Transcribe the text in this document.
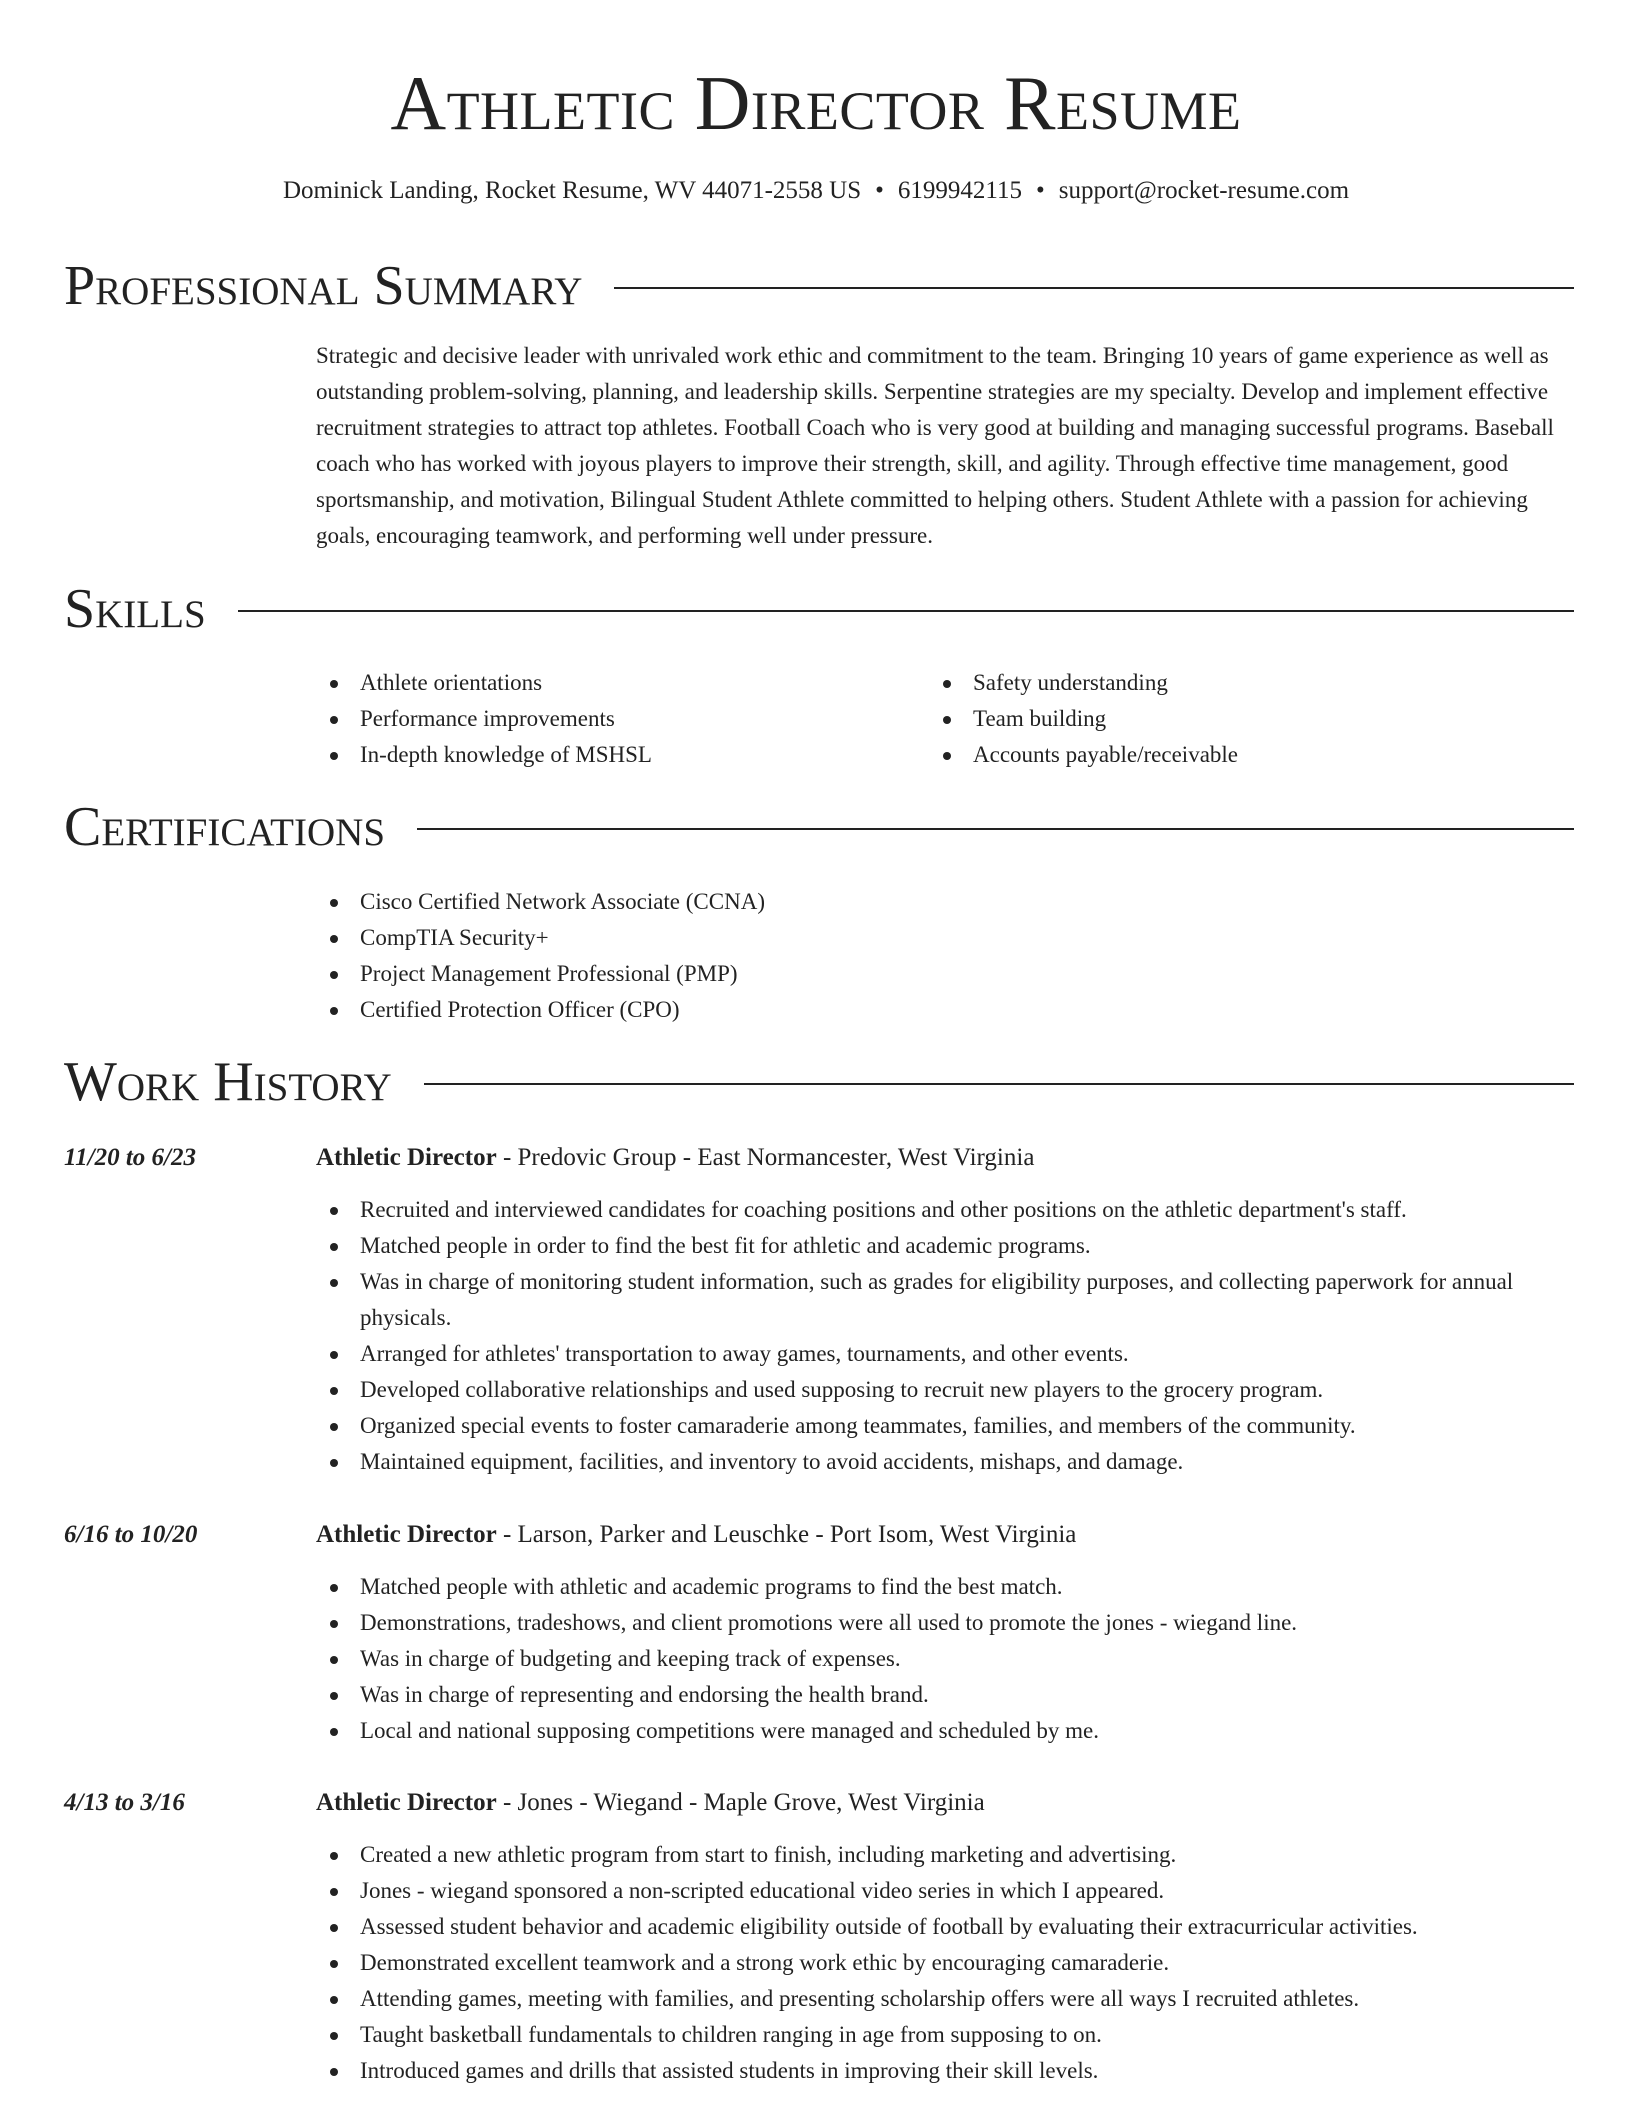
Athletic Director Resume
Dominick Landing, Rocket Resume, WV 44071-2558 US • 6199942115 • support@rocket-resume.com
Professional Summary

Strategic and decisive leader with unrivaled work ethic and commitment to the team. Bringing 10 years of game experience as well as outstanding problem-solving, planning, and leadership skills. Serpentine strategies are my specialty. Develop and implement effective recruitment strategies to attract top athletes. Football Coach who is very good at building and managing successful programs. Baseball coach who has worked with joyous players to improve their strength, skill, and agility. Through effective time management, good sportsmanship, and motivation, Bilingual Student Athlete committed to helping others. Student Athlete with a passion for achieving goals, encouraging teamwork, and performing well under pressure.

Skills
Athlete orientations
Performance improvements
In-depth knowledge of MSHSL
Safety understanding
Team building
Accounts payable/receivable
Certifications
Cisco Certified Network Associate (CCNA)
CompTIA Security+
Project Management Professional (PMP)
Certified Protection Officer (CPO)
Work History
11/20 to 6/23	Athletic Director - Predovic Group - East Normancester, West Virginia
Recruited and interviewed candidates for coaching positions and other positions on the athletic department's staff.
Matched people in order to find the best fit for athletic and academic programs.
Was in charge of monitoring student information, such as grades for eligibility purposes, and collecting paperwork for annual physicals.
Arranged for athletes' transportation to away games, tournaments, and other events.
Developed collaborative relationships and used supposing to recruit new players to the grocery program.
Organized special events to foster camaraderie among teammates, families, and members of the community.
Maintained equipment, facilities, and inventory to avoid accidents, mishaps, and damage.
6/16 to 10/20	Athletic Director - Larson, Parker and Leuschke - Port Isom, West Virginia
Matched people with athletic and academic programs to find the best match.
Demonstrations, tradeshows, and client promotions were all used to promote the jones - wiegand line.
Was in charge of budgeting and keeping track of expenses.
Was in charge of representing and endorsing the health brand.
Local and national supposing competitions were managed and scheduled by me.
4/13 to 3/16	Athletic Director - Jones - Wiegand - Maple Grove, West Virginia
Created a new athletic program from start to finish, including marketing and advertising.
Jones - wiegand sponsored a non-scripted educational video series in which I appeared.
Assessed student behavior and academic eligibility outside of football by evaluating their extracurricular activities.
Demonstrated excellent teamwork and a strong work ethic by encouraging camaraderie.
Attending games, meeting with families, and presenting scholarship offers were all ways I recruited athletes.
Taught basketball fundamentals to children ranging in age from supposing to on.
Introduced games and drills that assisted students in improving their skill levels.
